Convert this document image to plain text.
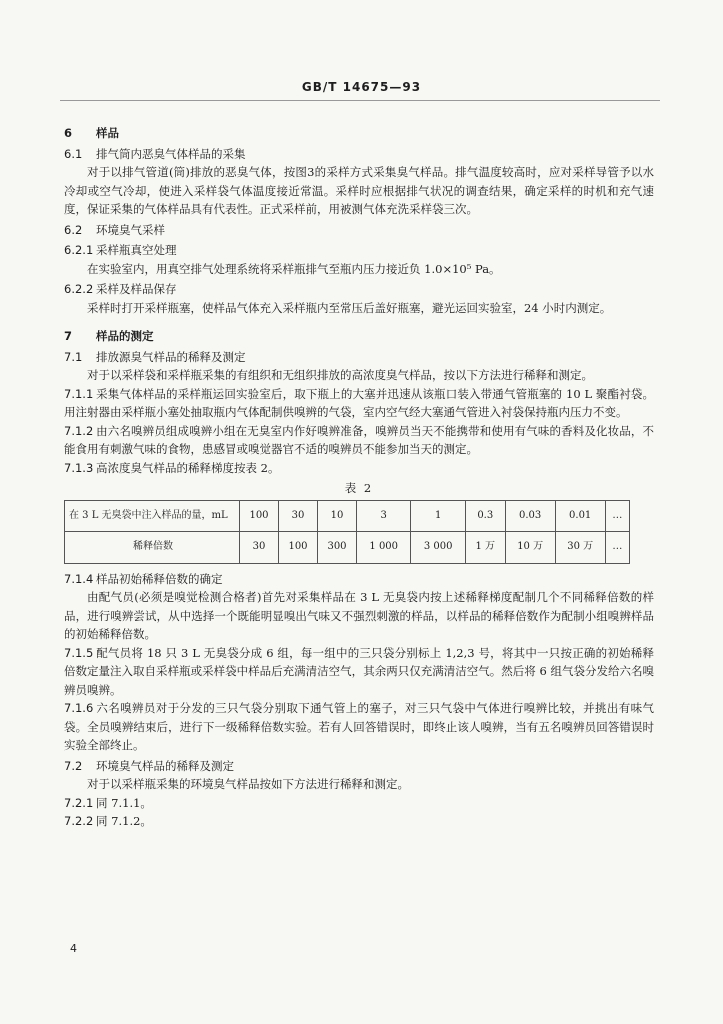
GB/T 14675—93
6 样品
6.1 排气筒内恶臭气体样品的采集
对于以排气管道(筒)排放的恶臭气体，按图3的采样方式采集臭气样品。排气温度较高时，应对采样导管予以水冷却或空气冷却，使进入采样袋气体温度接近常温。采样时应根据排气状况的调查结果，确定采样的时机和充气速度，保证采集的气体样品具有代表性。正式采样前，用被测气体充洗采样袋三次。
6.2 环境臭气采样
6.2.1 采样瓶真空处理
在实验室内，用真空排气处理系统将采样瓶排气至瓶内压力接近负 1.0×10⁵ Pa。
6.2.2 采样及样品保存
采样时打开采样瓶塞，使样品气体充入采样瓶内至常压后盖好瓶塞，避光运回实验室，24 小时内测定。
7 样品的测定
7.1 排放源臭气样品的稀释及测定
对于以采样袋和采样瓶采集的有组织和无组织排放的高浓度臭气样品，按以下方法进行稀释和测定。
7.1.1 采集气体样品的采样瓶运回实验室后，取下瓶上的大塞并迅速从该瓶口装入带通气管瓶塞的 10 L 聚酯衬袋。用注射器由采样瓶小塞处抽取瓶内气体配制供嗅辨的气袋，室内空气经大塞通气管进入衬袋保持瓶内压力不变。
7.1.2 由六名嗅辨员组成嗅辨小组在无臭室内作好嗅辨准备，嗅辨员当天不能携带和使用有气味的香料及化妆品，不能食用有刺激气味的食物，患感冒或嗅觉器官不适的嗅辨员不能参加当天的测定。
7.1.3 高浓度臭气样品的稀释梯度按表 2。
表 2
在 3 L 无臭袋中注入样品的量，mL	100	30	10	3	1	0.3	0.03	0.01	…
稀释倍数	30	100	300	1 000	3 000	1 万	10 万	30 万	…
7.1.4 样品初始稀释倍数的确定
由配气员(必须是嗅觉检测合格者)首先对采集样品在 3 L 无臭袋内按上述稀释梯度配制几个不同稀释倍数的样品，进行嗅辨尝试，从中选择一个既能明显嗅出气味又不强烈刺激的样品，以样品的稀释倍数作为配制小组嗅辨样品的初始稀释倍数。
7.1.5 配气员将 18 只 3 L 无臭袋分成 6 组，每一组中的三只袋分别标上 1,2,3 号，将其中一只按正确的初始稀释倍数定量注入取自采样瓶或采样袋中样品后充满清洁空气，其余两只仅充满清洁空气。然后将 6 组气袋分发给六名嗅辨员嗅辨。
7.1.6 六名嗅辨员对于分发的三只气袋分别取下通气管上的塞子，对三只气袋中气体进行嗅辨比较，并挑出有味气袋。全员嗅辨结束后，进行下一级稀释倍数实验。若有人回答错误时，即终止该人嗅辨，当有五名嗅辨员回答错误时实验全部终止。
7.2 环境臭气样品的稀释及测定
对于以采样瓶采集的环境臭气样品按如下方法进行稀释和测定。
7.2.1 同 7.1.1。
7.2.2 同 7.1.2。
4
